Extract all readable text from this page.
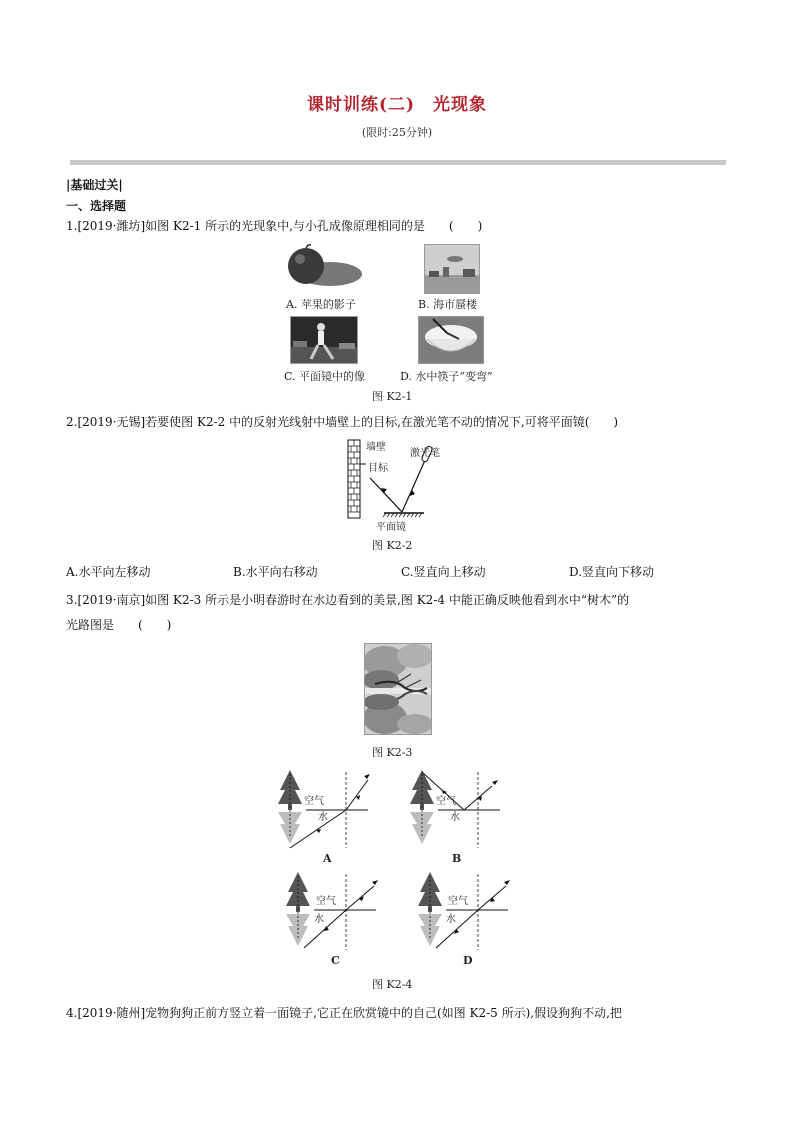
课时训练(二)　光现象
(限时:25分钟)
|基础过关|
一、选择题
1.[2019·潍坊]如图 K2-1 所示的光现象中,与小孔成像原理相同的是　　(　　)
A. 苹果的影子	B. 海市蜃楼
C. 平面镜中的像	D. 水中筷子“变弯”
图 K2-1
2.[2019·无锡]若要使图 K2-2 中的反射光线射中墙壁上的目标,在激光笔不动的情况下,可将平面镜(　　)
墙壁
目标
激光笔
平面镜
图 K2-2
A.水平向左移动	B.水平向右移动	C.竖直向上移动	D.竖直向下移动
3.[2019·南京]如图 K2-3 所示是小明春游时在水边看到的美景,图 K2-4 中能正确反映他看到水中“树木”的
光路图是　　(　　)
图 K2-3
空气
水
A
空气
水
B
空气
水
C
空气
水
D
图 K2-4
4.[2019·随州]宠物狗狗正前方竖立着一面镜子,它正在欣赏镜中的自己(如图 K2-5 所示),假设狗狗不动,把
